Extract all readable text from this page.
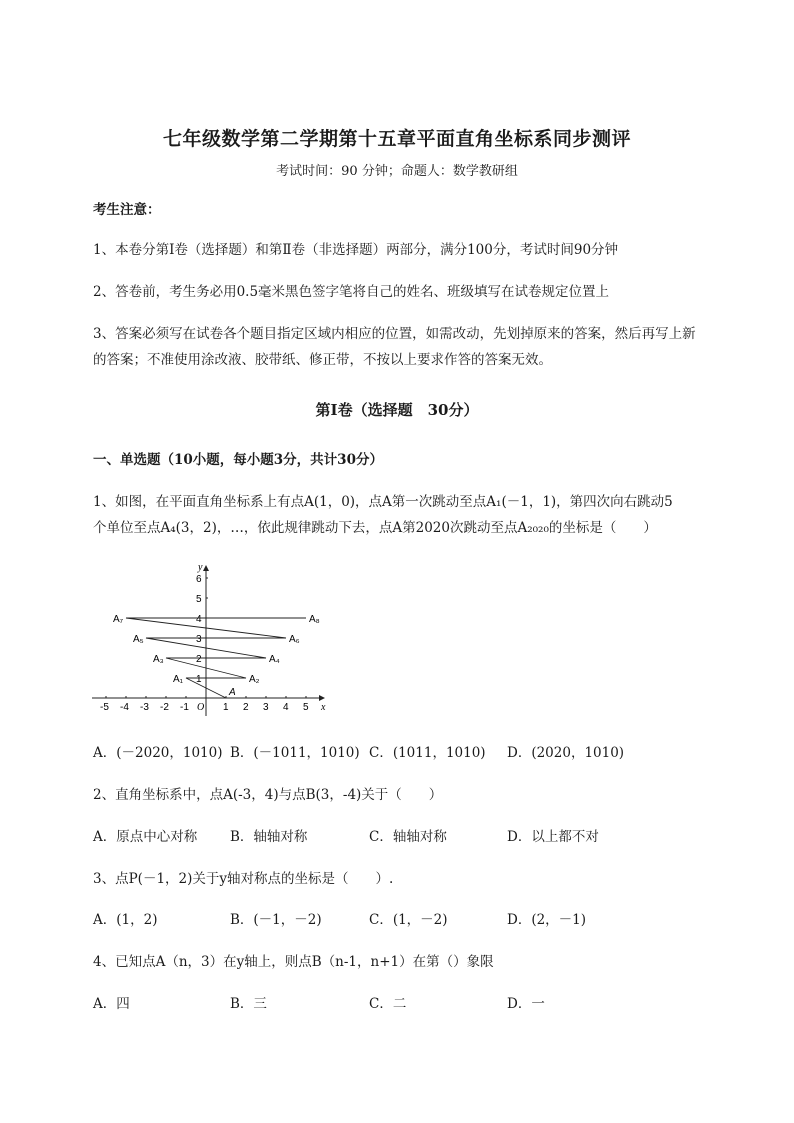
七年级数学第二学期第十五章平面直角坐标系同步测评
考试时间：90 分钟；命题人：数学教研组
考生注意：
1、本卷分第Ⅰ卷（选择题）和第Ⅱ卷（非选择题）两部分，满分100分，考试时间90分钟
2、答卷前，考生务必用0.5毫米黑色签字笔将自己的姓名、班级填写在试卷规定位置上
3、答案必须写在试卷各个题目指定区域内相应的位置，如需改动，先划掉原来的答案，然后再写上新
的答案；不准使用涂改液、胶带纸、修正带，不按以上要求作答的答案无效。
第Ⅰ卷（选择题　30分）
一、单选题（10小题，每小题3分，共计30分）
1、如图，在平面直角坐标系上有点A(1，0)，点A第一次跳动至点A₁(－1，1)，第四次向右跳动5
个单位至点A₄(3，2)，…，依此规律跳动下去，点A第2020次跳动至点A₂₀₂₀的坐标是（　　）
x
y
O
-5 -4 -3 -2 -1	1 2 3 4 5
1
2
3
4
5
6
A
A₁	A₂
A₃	A₄
A₅	A₆
A₇	A₈
A．(－2020，1010) B．(－1011，1010) C．(1011，1010) D．(2020，1010)
2、直角坐标系中，点A(-3，4)与点B(3，-4)关于（　　）
A．原点中心对称 B．轴轴对称	C．轴轴对称	D．以上都不对
3、点P(－1，2)关于y轴对称点的坐标是（　　）.
A．(1，2)	B．(－1，－2)	C．(1，－2)	D．(2，－1)
4、已知点A（n，3）在y轴上，则点B（n-1，n+1）在第（）象限
A．四	B．三	C．二	D．一
